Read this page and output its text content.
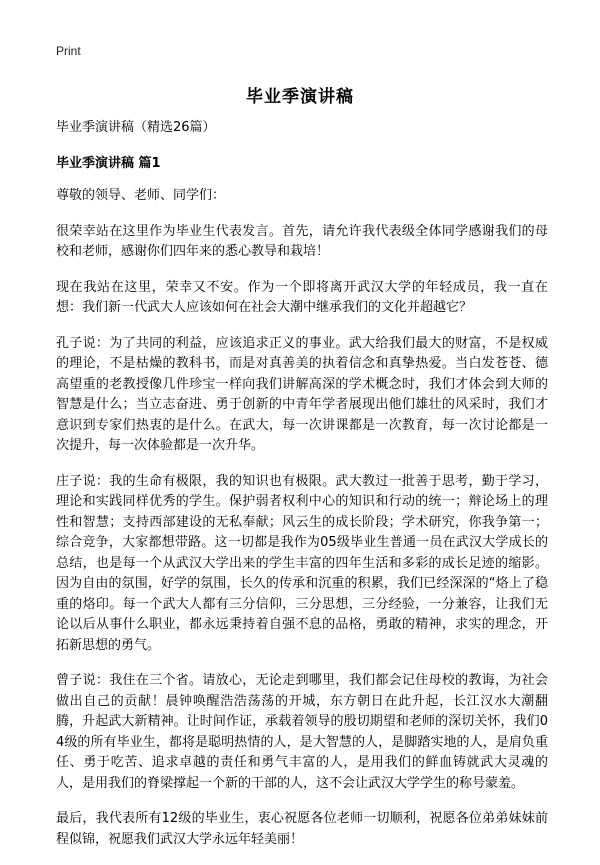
Print
毕业季演讲稿
毕业季演讲稿（精选26篇）
毕业季演讲稿 篇1

尊敬的领导、老师、同学们：

很荣幸站在这里作为毕业生代表发言。首先，请允许我代表级全体同学感谢我们的母校和老师，感谢你们四年来的悉心教导和栽培！

现在我站在这里，荣幸又不安。作为一个即将离开武汉大学的年轻成员，我一直在想：我们新一代武大人应该如何在社会大潮中继承我们的文化并超越它？

孔子说：为了共同的利益，应该追求正义的事业。武大给我们最大的财富，不是权威的理论，不是枯燥的教科书，而是对真善美的执着信念和真挚热爱。当白发苍苍、德高望重的老教授像几件珍宝一样向我们讲解高深的学术概念时，我们才体会到大师的智慧是什么；当立志奋进、勇于创新的中青年学者展现出他们雄壮的风采时，我们才意识到专家们热衷的是什么。在武大，每一次讲课都是一次教育，每一次讨论都是一次提升，每一次体验都是一次升华。

庄子说：我的生命有极限，我的知识也有极限。武大教过一批善于思考，勤于学习，理论和实践同样优秀的学生。保护弱者权利中心的知识和行动的统一；辩论场上的理性和智慧；支持西部建设的无私奉献；风云生的成长阶段；学术研究，你我争第一；综合竞争，大家都想带路。这一切都是我作为05级毕业生普通一员在武汉大学成长的总结，也是每一个从武汉大学出来的学生丰富的四年生活和多彩的成长足迹的缩影。因为自由的氛围，好学的氛围，长久的传承和沉重的积累，我们已经深深的“烙上了稳重的烙印。每一个武大人都有三分信仰，三分思想，三分经验，一分兼容，让我们无论以后从事什么职业，都永远秉持着自强不息的品格，勇敢的精神，求实的理念，开拓新思想的勇气。

曾子说：我住在三个省。请放心，无论走到哪里，我们都会记住母校的教诲，为社会做出自己的贡献！晨钟唤醒浩浩荡荡的开城，东方朝日在此升起，长江汉水大潮翻腾，升起武大新精神。让时间作证，承载着领导的殷切期望和老师的深切关怀，我们04级的所有毕业生，都将是聪明热情的人，是大智慧的人，是脚踏实地的人，是肩负重任、勇于吃苦、追求卓越的责任和勇气丰富的人，是用我们的鲜血铸就武大灵魂的人，是用我们的脊梁撑起一个新的干部的人，这不会让武汉大学学生的称号蒙羞。

最后，我代表所有12级的毕业生，衷心祝愿各位老师一切顺利，祝愿各位弟弟妹妹前程似锦，祝愿我们武汉大学永远年轻美丽！
